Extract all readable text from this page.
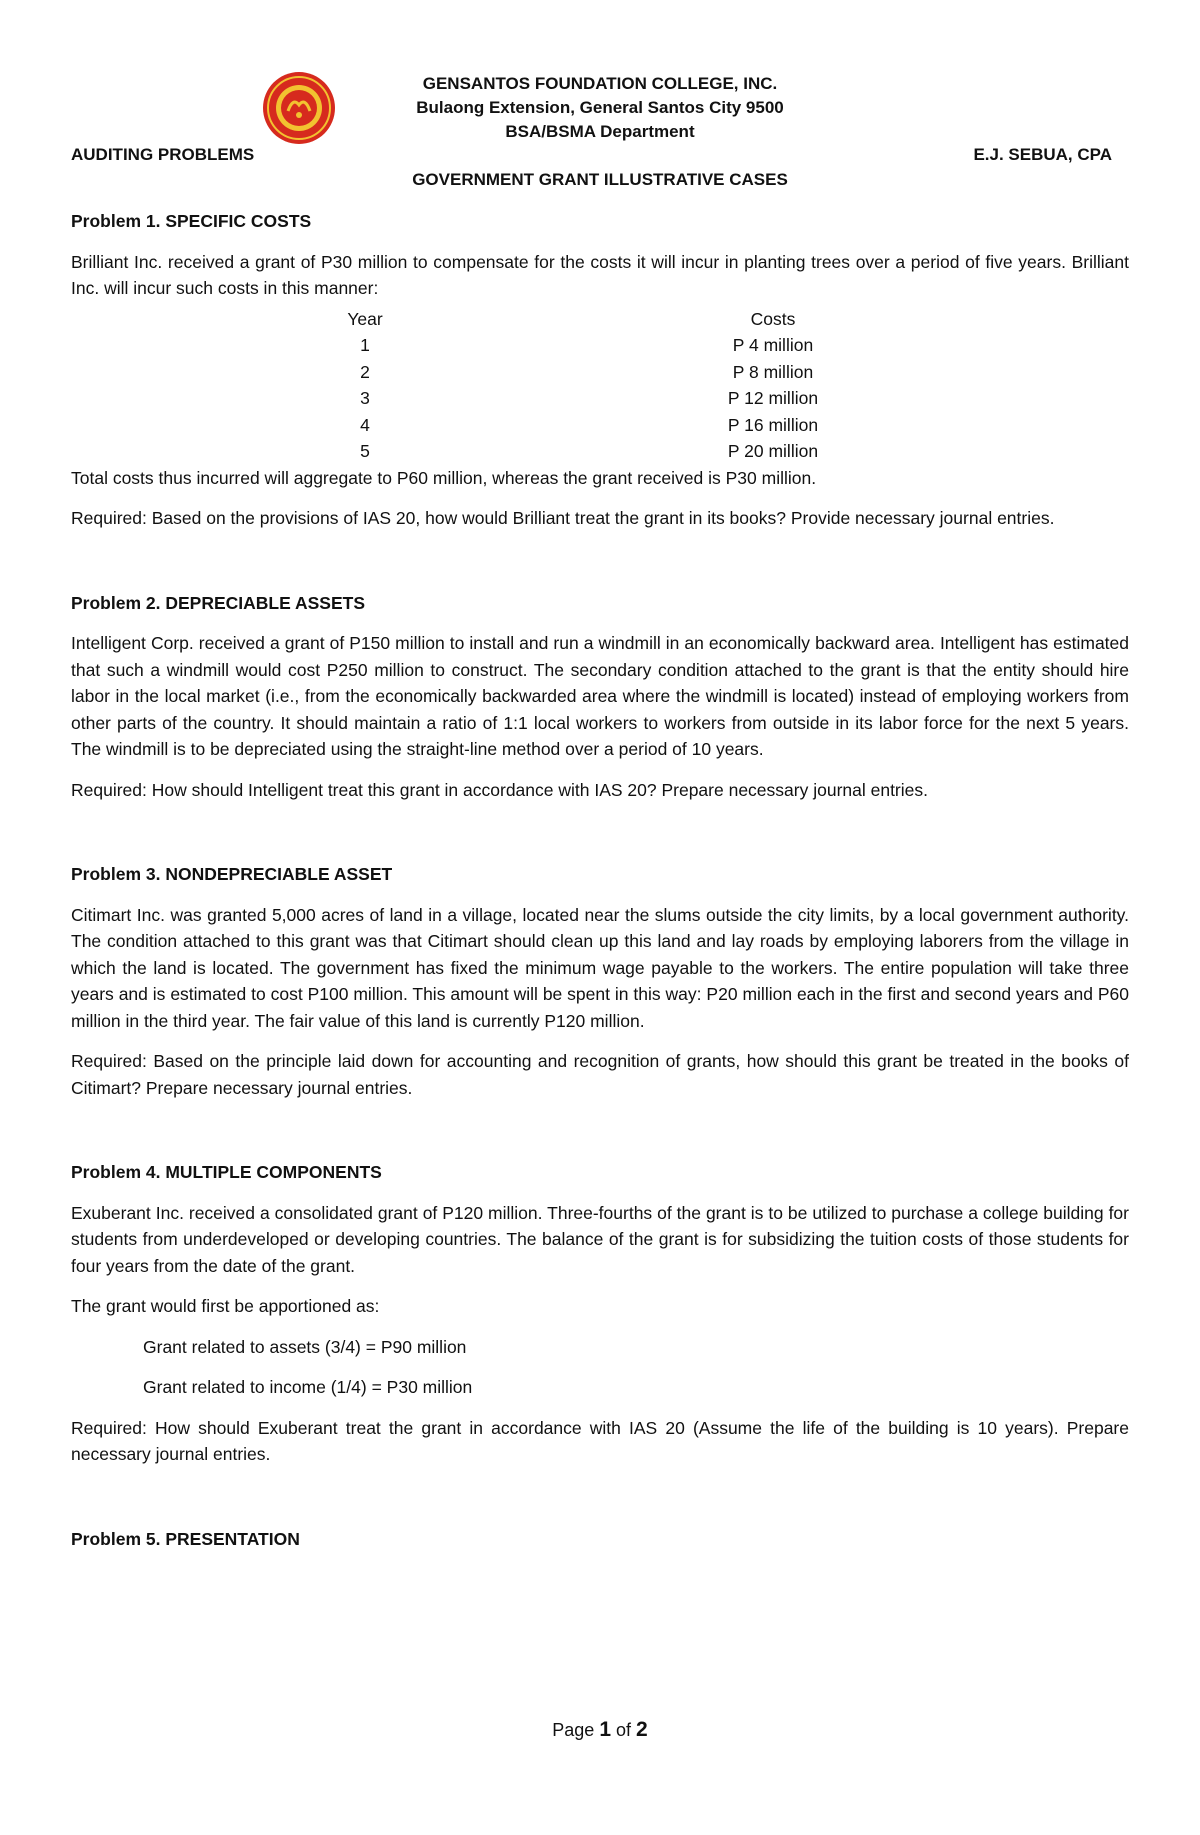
GENSANTOS FOUNDATION COLLEGE, INC.
Bulaong Extension, General Santos City 9500
BSA/BSMA Department
AUDITING PROBLEMS	E.J. SEBUA, CPA
GOVERNMENT GRANT ILLUSTRATIVE CASES
Problem 1. SPECIFIC COSTS
Brilliant Inc. received a grant of P30 million to compensate for the costs it will incur in planting trees over a period of five years. Brilliant Inc. will incur such costs in this manner:
Year		Costs
1		P 4 million
2		P 8 million
3		P 12 million
4		P 16 million
5		P 20 million
Total costs thus incurred will aggregate to P60 million, whereas the grant received is P30 million.
Required: Based on the provisions of IAS 20, how would Brilliant treat the grant in its books? Provide necessary journal entries.
Problem 2. DEPRECIABLE ASSETS
Intelligent Corp. received a grant of P150 million to install and run a windmill in an economically backward area. Intelligent has estimated that such a windmill would cost P250 million to construct. The secondary condition attached to the grant is that the entity should hire labor in the local market (i.e., from the economically backwarded area where the windmill is located) instead of employing workers from other parts of the country. It should maintain a ratio of 1:1 local workers to workers from outside in its labor force for the next 5 years. The windmill is to be depreciated using the straight-line method over a period of 10 years.
Required: How should Intelligent treat this grant in accordance with IAS 20? Prepare necessary journal entries.
Problem 3. NONDEPRECIABLE ASSET
Citimart Inc. was granted 5,000 acres of land in a village, located near the slums outside the city limits, by a local government authority. The condition attached to this grant was that Citimart should clean up this land and lay roads by employing laborers from the village in which the land is located. The government has fixed the minimum wage payable to the workers. The entire population will take three years and is estimated to cost P100 million. This amount will be spent in this way: P20 million each in the first and second years and P60 million in the third year. The fair value of this land is currently P120 million.
Required: Based on the principle laid down for accounting and recognition of grants, how should this grant be treated in the books of Citimart? Prepare necessary journal entries.
Problem 4. MULTIPLE COMPONENTS
Exuberant Inc. received a consolidated grant of P120 million. Three-fourths of the grant is to be utilized to purchase a college building for students from underdeveloped or developing countries. The balance of the grant is for subsidizing the tuition costs of those students for four years from the date of the grant.
The grant would first be apportioned as:
Grant related to assets (3/4) = P90 million
Grant related to income (1/4) = P30 million
Required: How should Exuberant treat the grant in accordance with IAS 20 (Assume the life of the building is 10 years). Prepare necessary journal entries.
Problem 5. PRESENTATION
Page 1 of 2
